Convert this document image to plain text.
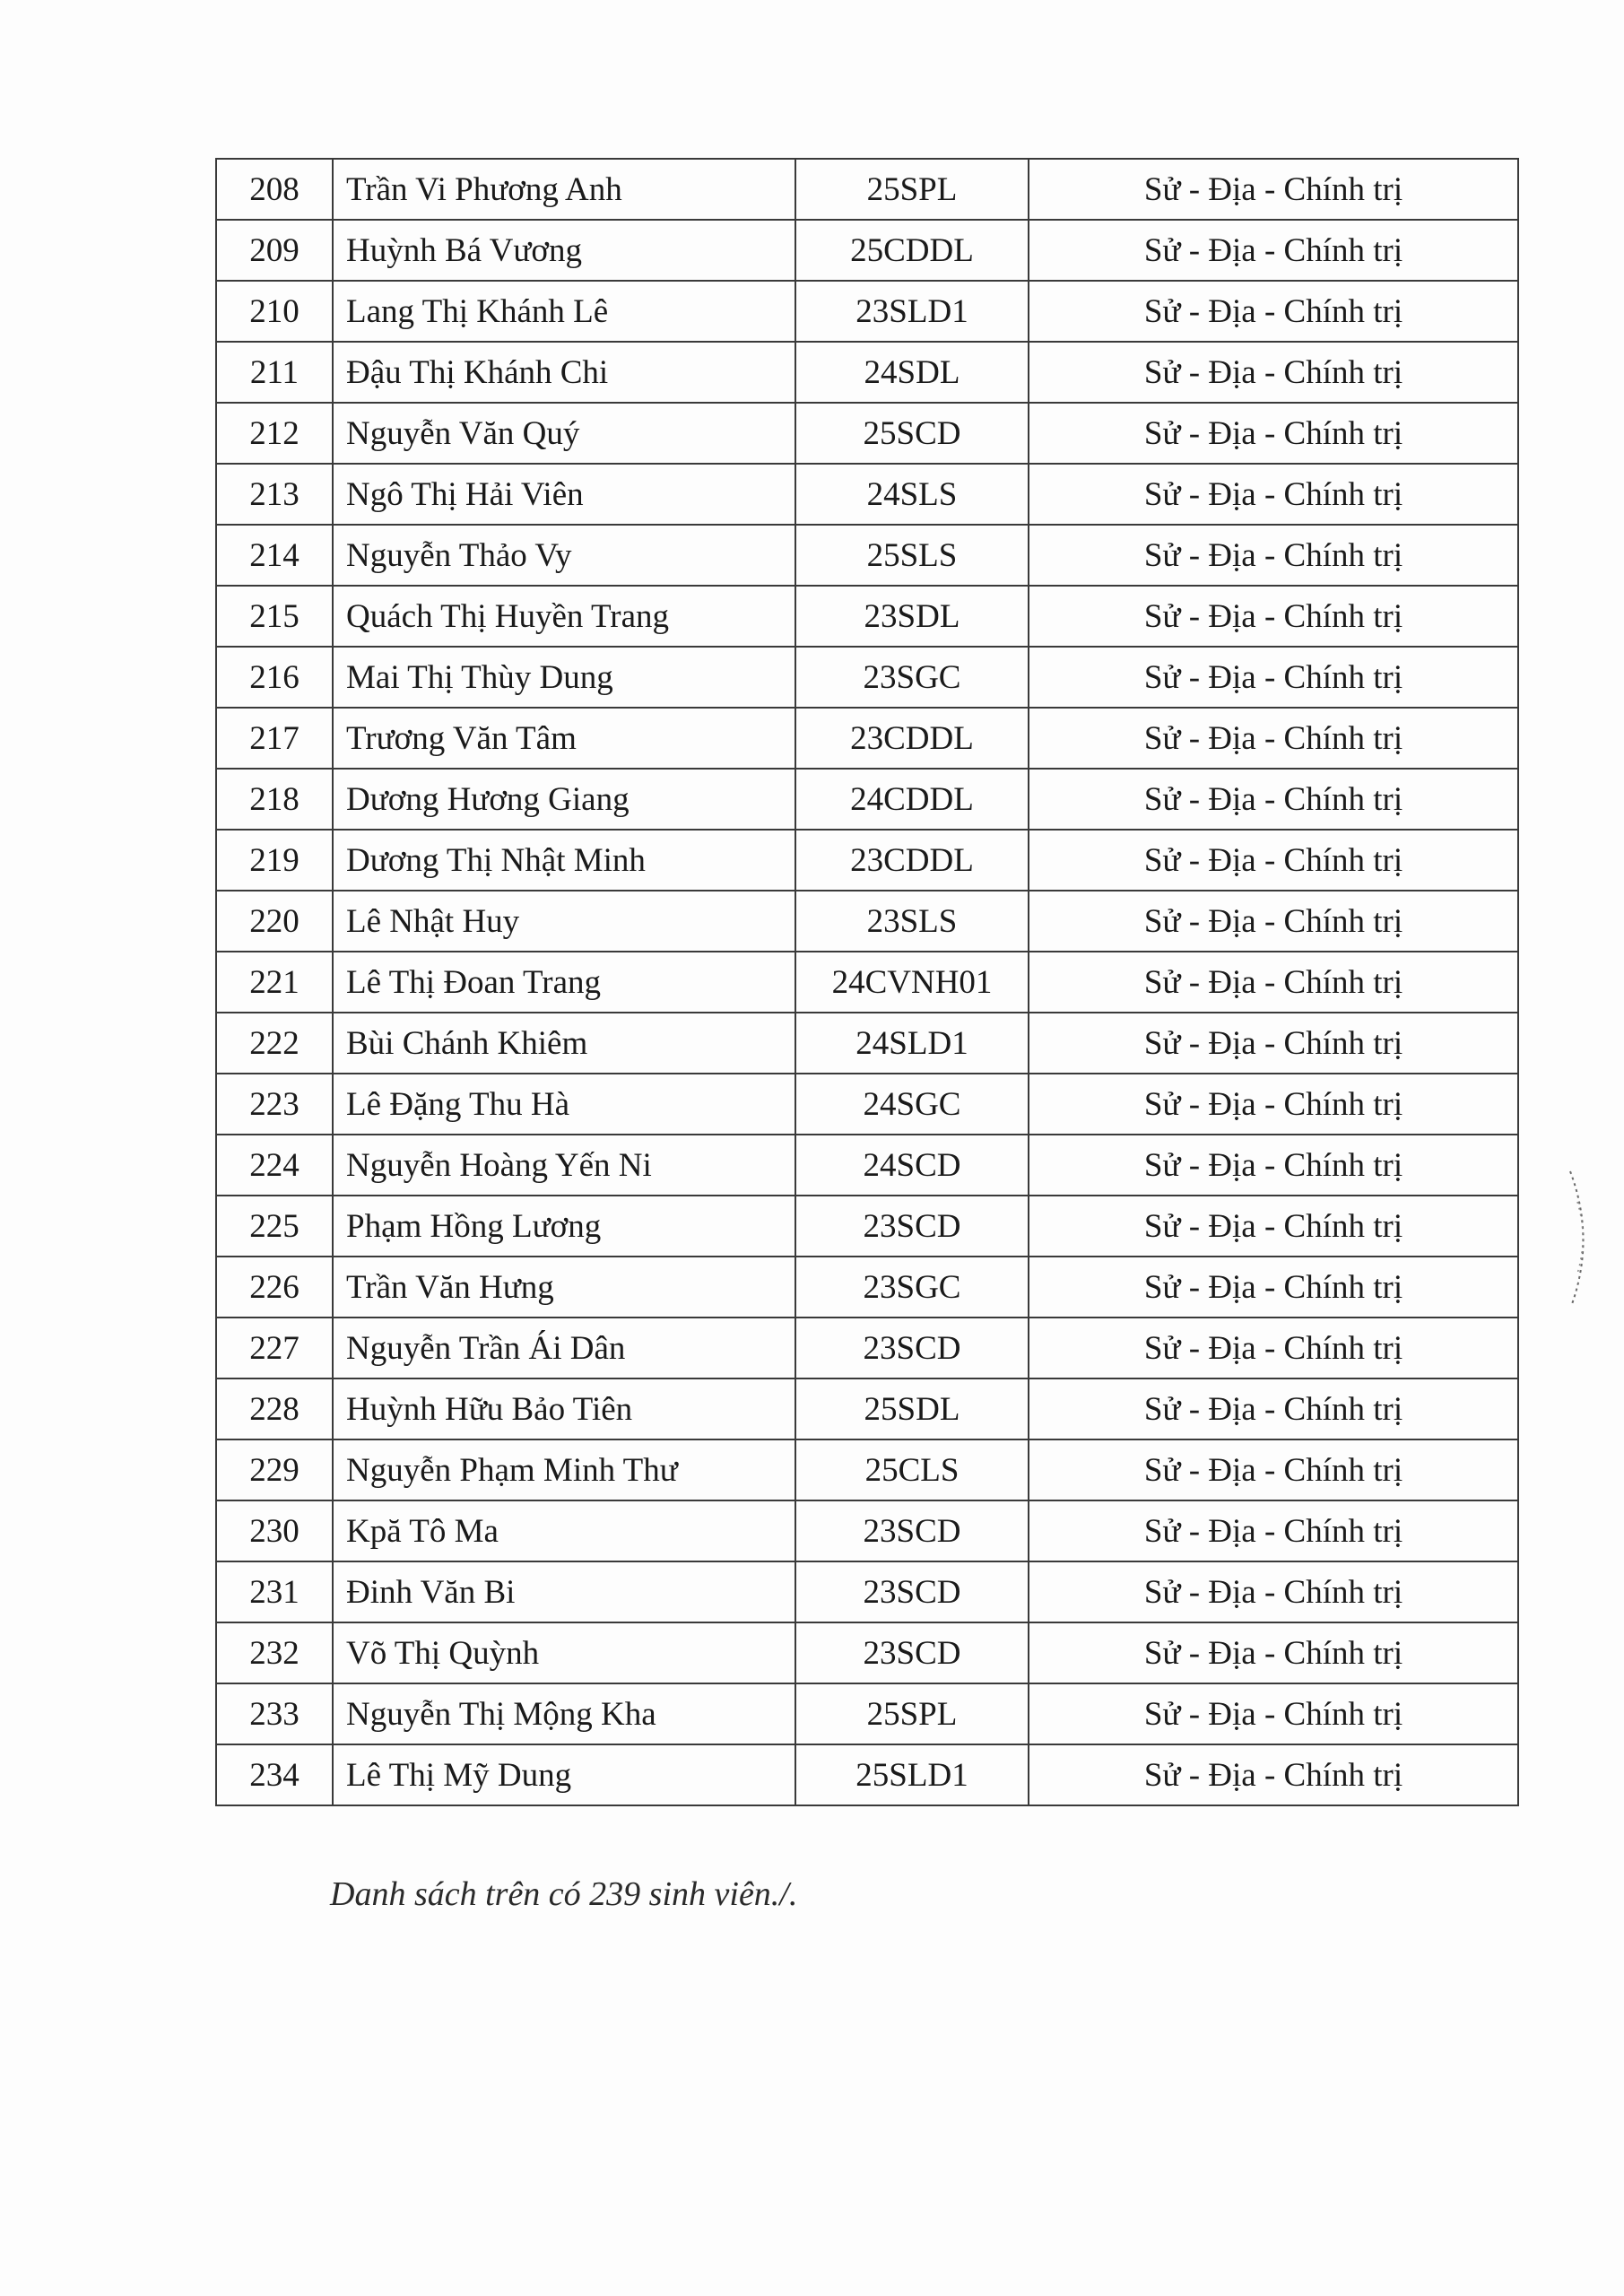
208	Trần Vi Phương Anh	25SPL	Sử - Địa - Chính trị
209	Huỳnh Bá Vương	25CDDL	Sử - Địa - Chính trị
210	Lang Thị Khánh Lê	23SLD1	Sử - Địa - Chính trị
211	Đậu Thị Khánh Chi	24SDL	Sử - Địa - Chính trị
212	Nguyễn Văn Quý	25SCD	Sử - Địa - Chính trị
213	Ngô Thị Hải Viên	24SLS	Sử - Địa - Chính trị
214	Nguyễn Thảo Vy	25SLS	Sử - Địa - Chính trị
215	Quách Thị Huyền Trang	23SDL	Sử - Địa - Chính trị
216	Mai Thị Thùy Dung	23SGC	Sử - Địa - Chính trị
217	Trương Văn Tâm	23CDDL	Sử - Địa - Chính trị
218	Dương Hương Giang	24CDDL	Sử - Địa - Chính trị
219	Dương Thị Nhật Minh	23CDDL	Sử - Địa - Chính trị
220	Lê Nhật Huy	23SLS	Sử - Địa - Chính trị
221	Lê Thị Đoan Trang	24CVNH01	Sử - Địa - Chính trị
222	Bùi Chánh Khiêm	24SLD1	Sử - Địa - Chính trị
223	Lê Đặng Thu Hà	24SGC	Sử - Địa - Chính trị
224	Nguyễn Hoàng Yến Ni	24SCD	Sử - Địa - Chính trị
225	Phạm Hồng Lương	23SCD	Sử - Địa - Chính trị
226	Trần Văn Hưng	23SGC	Sử - Địa - Chính trị
227	Nguyễn Trần Ái Dân	23SCD	Sử - Địa - Chính trị
228	Huỳnh Hữu Bảo Tiên	25SDL	Sử - Địa - Chính trị
229	Nguyễn Phạm Minh Thư	25CLS	Sử - Địa - Chính trị
230	Kpă Tô Ma	23SCD	Sử - Địa - Chính trị
231	Đinh Văn Bi	23SCD	Sử - Địa - Chính trị
232	Võ Thị Quỳnh	23SCD	Sử - Địa - Chính trị
233	Nguyễn Thị Mộng Kha	25SPL	Sử - Địa - Chính trị
234	Lê Thị Mỹ Dung	25SLD1	Sử - Địa - Chính trị
Danh sách trên có 239 sinh viên./.
